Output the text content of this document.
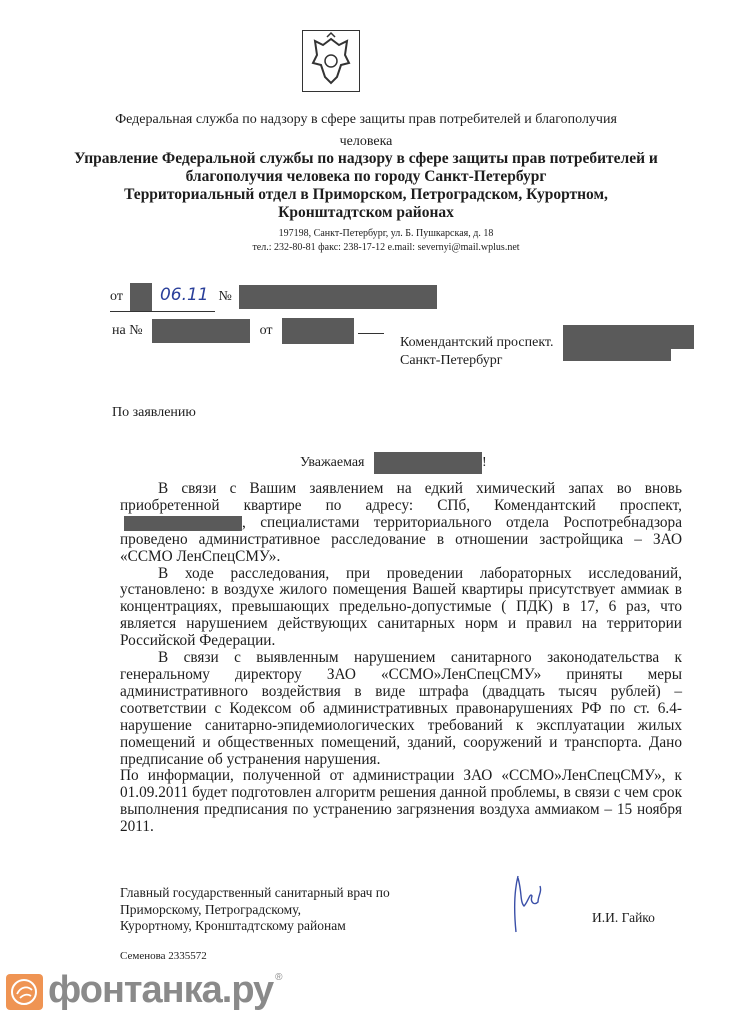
Федеральная служба по надзору в сфере защиты прав потребителей и благополучия
человека
Управление Федеральной службы по надзору в сфере защиты прав потребителей и
благополучия человека по городу Санкт-Петербург
Территориальный отдел в Приморском, Петроградском, Курортном,
Кронштадтском районах
197198, Санкт-Петербург, ул. Б. Пушкарская, д. 18
тел.: 232-80-81 факс: 238-17-12 e.mail: severnyi@mail.wplus.net
от 06.11 №
на №	от
Комендантский проспект.
Санкт-Петербург
По заявлению
Уважаемая	!

В связи с Вашим заявлением на едкий химический запах во вновь приобретенной квартире по адресу: СПб, Комендантский проспект,, специалистами территориального отдела Роспотребнадзора проведено административное расследование в отношении застройщика – ЗАО «ССМО ЛенСпецСМУ».

В ходе расследования, при проведении лабораторных исследований, установлено: в воздухе жилого помещения Вашей квартиры присутствует аммиак в концентрациях, превышающих предельно-допустимые ( ПДК) в 17, 6 раз, что является нарушением действующих санитарных норм и правил на территории Российской Федерации.

В связи с выявленным нарушением санитарного законодательства к генеральному директору ЗАО «ССМО»ЛенСпецСМУ» приняты меры административного воздействия в виде штрафа (двадцать тысяч рублей) – соответствии с Кодексом об административных правонарушениях РФ по ст. 6.4- нарушение санитарно-эпидемиологических требований к эксплуатации жилых помещений и общественных помещений, зданий, сооружений и транспорта. Дано предписание об устранения нарушения.

По информации, полученной от администрации ЗАО «ССМО»ЛенСпецСМУ», к 01.09.2011 будет подготовлен алгоритм решения данной проблемы, в связи с чем срок выполнения предписания по устранению загрязнения воздуха аммиаком – 15 ноября 2011.

Главный государственный санитарный врач по
Приморскому, Петроградскому,
Курортному, Кронштадтскому районам
И.И. Гайко
Семенова 2335572
фонтанка.ру ®
